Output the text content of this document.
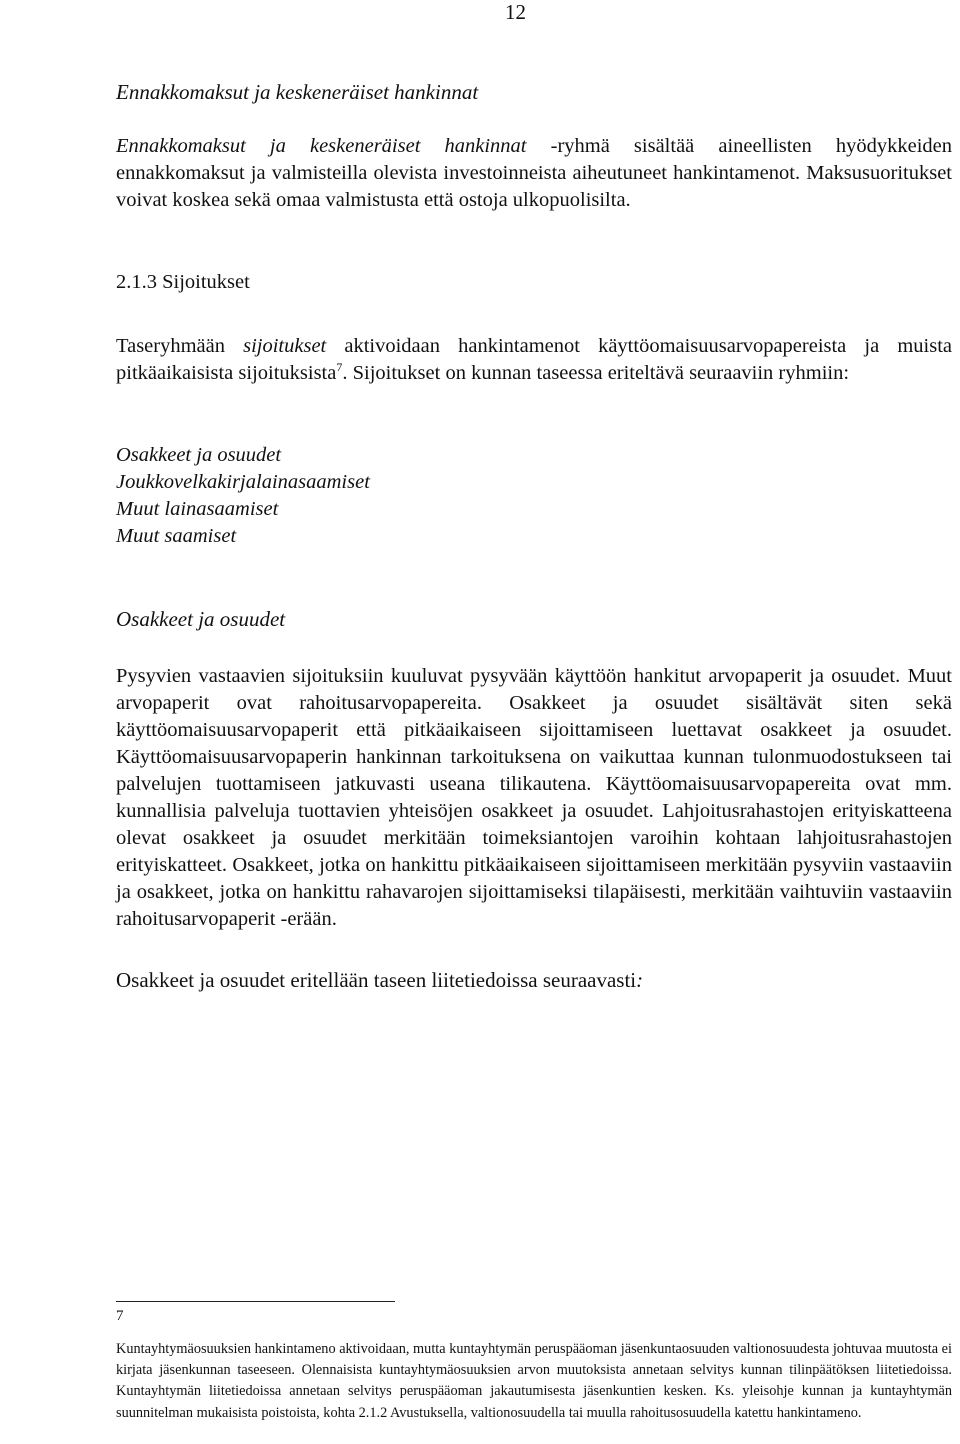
12
Ennakkomaksut ja keskeneräiset hankinnat
Ennakkomaksut ja keskeneräiset hankinnat -ryhmä sisältää aineellisten hyödykkeiden ennakkomaksut ja valmisteilla olevista investoinneista aiheutuneet hankintamenot. Maksusuoritukset voivat koskea sekä omaa valmistusta että ostoja ulkopuolisilta.
2.1.3 Sijoitukset
Taseryhmään sijoitukset aktivoidaan hankintamenot käyttöomaisuusarvopapereista ja muista pitkäaikaisista sijoituksista$^7$. Sijoitukset on kunnan taseessa eriteltävä seuraaviin ryhmiin:
Osakkeet ja osuudet
Joukkovelkakirjalainasaamiset
Muut lainasaamiset
Muut saamiset
Osakkeet ja osuudet
Pysyvien vastaavien sijoituksiin kuuluvat pysyvään käyttöön hankitut arvopaperit ja osuudet. Muut arvopaperit ovat rahoitusarvopapereita. Osakkeet ja osuudet sisältävät siten sekä käyttöomaisuusarvopaperit että pitkäaikaiseen sijoittamiseen luettavat osakkeet ja osuudet. Käyttöomaisuusarvopaperin hankinnan tarkoituksena on vaikuttaa kunnan tulonmuodostukseen tai palvelujen tuottamiseen jatkuvasti useana tilikautena. Käyttöomaisuusarvopapereita ovat mm. kunnallisia palveluja tuottavien yhteisöjen osakkeet ja osuudet. Lahjoitusrahastojen erityiskatteena olevat osakkeet ja osuudet merkitään toimeksiantojen varoihin kohtaan lahjoitusrahastojen erityiskatteet. Osakkeet, jotka on hankittu pitkäaikaiseen sijoittamiseen merkitään pysyviin vastaaviin ja osakkeet, jotka on hankittu rahavarojen sijoittamiseksi tilapäisesti, merkitään vaihtuviin vastaaviin rahoitusarvopaperit -erään.
Osakkeet ja osuudet eritellään taseen liitetiedoissa seuraavasti:
7
Kuntayhtymäosuuksien hankintameno aktivoidaan, mutta kuntayhtymän peruspääoman jäsenkuntaosuuden valtionosuudesta johtuvaa muutosta ei kirjata jäsenkunnan taseeseen. Olennaisista kuntayhtymäosuuksien arvon muutoksista annetaan selvitys kunnan tilinpäätöksen liitetiedoissa. Kuntayhtymän liitetiedoissa annetaan selvitys peruspääoman jakautumisesta jäsenkuntien kesken. Ks. yleisohje kunnan ja kuntayhtymän suunnitelman mukaisista poistoista, kohta 2.1.2 Avustuksella, valtionosuudella tai muulla rahoitusosuudella katettu hankintameno.
